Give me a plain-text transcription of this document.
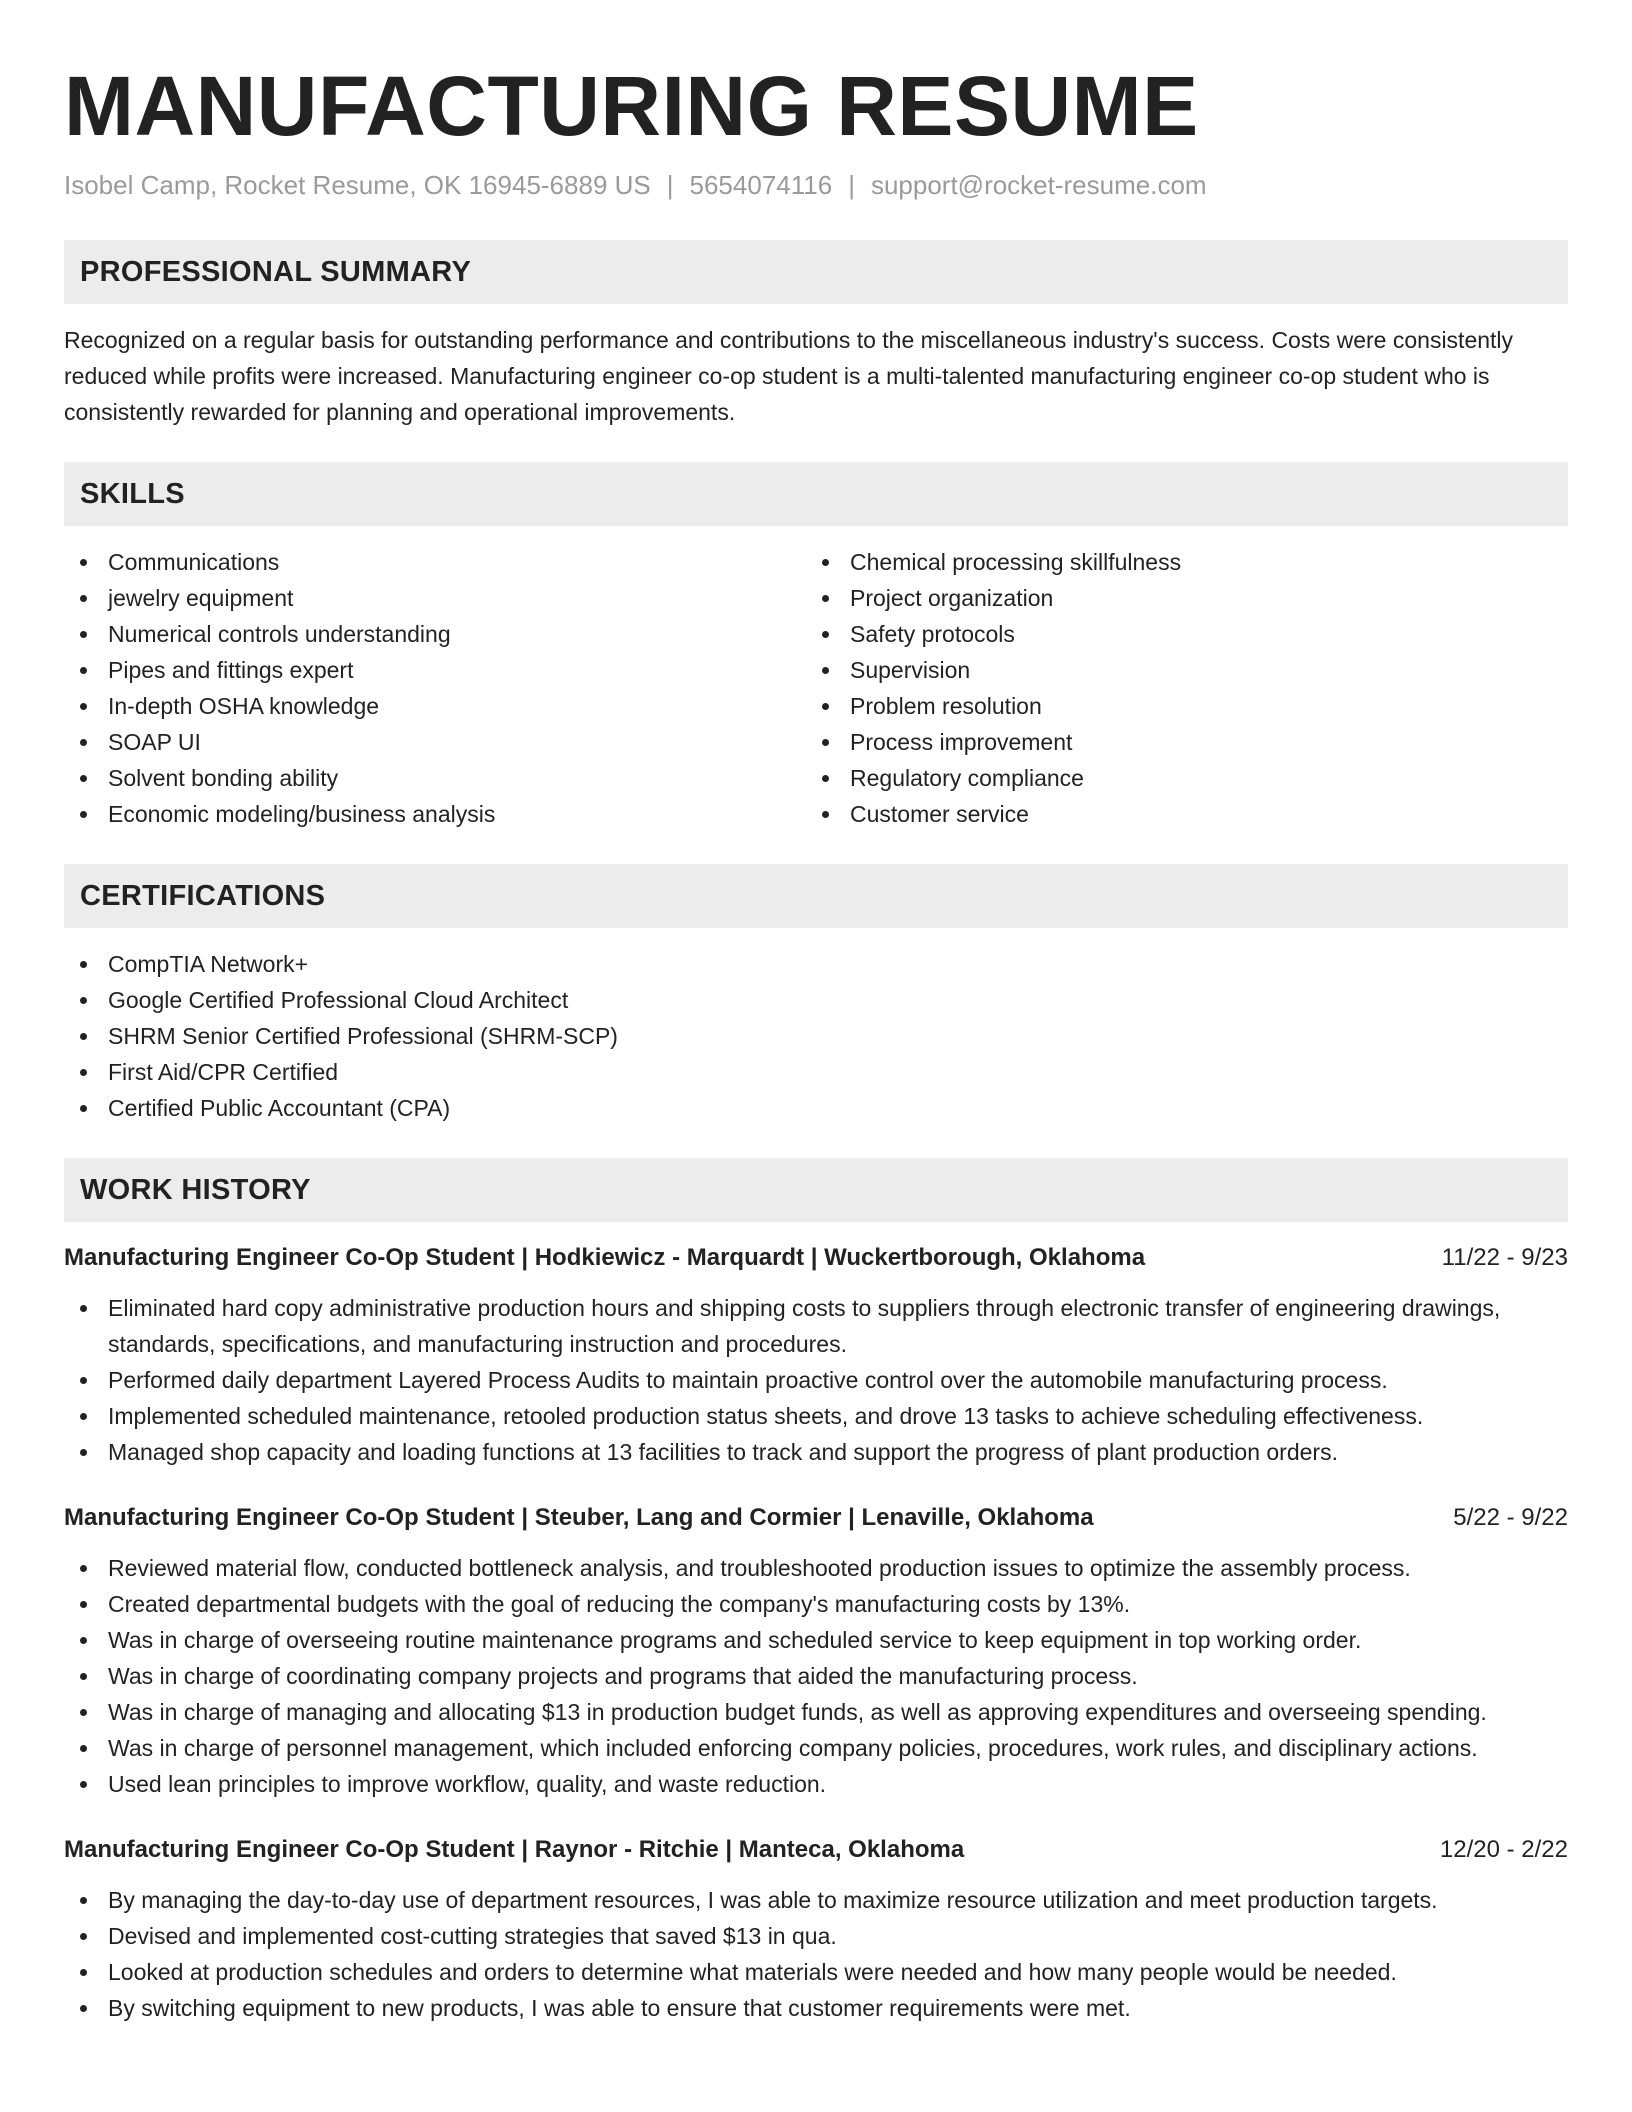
MANUFACTURING RESUME
Isobel Camp, Rocket Resume, OK 16945-6889 US | 5654074116 | support@rocket-resume.com
PROFESSIONAL SUMMARY

Recognized on a regular basis for outstanding performance and contributions to the miscellaneous industry's success. Costs were consistently reduced while profits were increased. Manufacturing engineer co-op student is a multi-talented manufacturing engineer co-op student who is consistently rewarded for planning and operational improvements.

SKILLS
Communications
jewelry equipment
Numerical controls understanding
Pipes and fittings expert
In-depth OSHA knowledge
SOAP UI
Solvent bonding ability
Economic modeling/business analysis
Chemical processing skillfulness
Project organization
Safety protocols
Supervision
Problem resolution
Process improvement
Regulatory compliance
Customer service
CERTIFICATIONS
CompTIA Network+
Google Certified Professional Cloud Architect
SHRM Senior Certified Professional (SHRM-SCP)
First Aid/CPR Certified
Certified Public Accountant (CPA)
WORK HISTORY
Manufacturing Engineer Co-Op Student | Hodkiewicz - Marquardt | Wuckertborough, Oklahoma	11/22 - 9/23
Eliminated hard copy administrative production hours and shipping costs to suppliers through electronic transfer of engineering drawings, standards, specifications, and manufacturing instruction and procedures.
Performed daily department Layered Process Audits to maintain proactive control over the automobile manufacturing process.
Implemented scheduled maintenance, retooled production status sheets, and drove 13 tasks to achieve scheduling effectiveness.
Managed shop capacity and loading functions at 13 facilities to track and support the progress of plant production orders.
Manufacturing Engineer Co-Op Student | Steuber, Lang and Cormier | Lenaville, Oklahoma	5/22 - 9/22
Reviewed material flow, conducted bottleneck analysis, and troubleshooted production issues to optimize the assembly process.
Created departmental budgets with the goal of reducing the company's manufacturing costs by 13%.
Was in charge of overseeing routine maintenance programs and scheduled service to keep equipment in top working order.
Was in charge of coordinating company projects and programs that aided the manufacturing process.
Was in charge of managing and allocating $13 in production budget funds, as well as approving expenditures and overseeing spending.
Was in charge of personnel management, which included enforcing company policies, procedures, work rules, and disciplinary actions.
Used lean principles to improve workflow, quality, and waste reduction.
Manufacturing Engineer Co-Op Student | Raynor - Ritchie | Manteca, Oklahoma	12/20 - 2/22
By managing the day-to-day use of department resources, I was able to maximize resource utilization and meet production targets.
Devised and implemented cost-cutting strategies that saved $13 in qua.
Looked at production schedules and orders to determine what materials were needed and how many people would be needed.
By switching equipment to new products, I was able to ensure that customer requirements were met.
